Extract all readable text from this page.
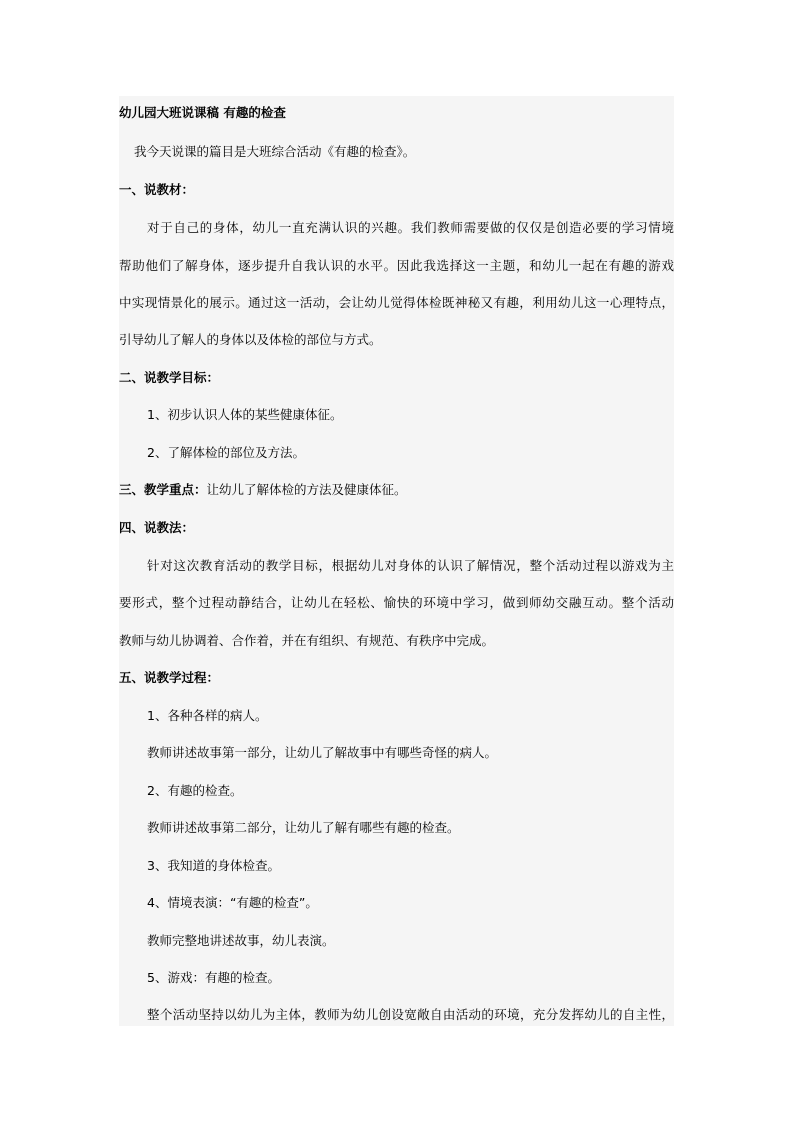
幼儿园大班说课稿 有趣的检查
我今天说课的篇目是大班综合活动《有趣的检查》。
一、说教材：
对于自己的身体，幼儿一直充满认识的兴趣。我们教师需要做的仅仅是创造必要的学习情境
帮助他们了解身体，逐步提升自我认识的水平。因此我选择这一主题，和幼儿一起在有趣的游戏
中实现情景化的展示。通过这一活动，会让幼儿觉得体检既神秘又有趣，利用幼儿这一心理特点，
引导幼儿了解人的身体以及体检的部位与方式。
二、说教学目标：
1、初步认识人体的某些健康体征。
2、了解体检的部位及方法。
三、教学重点：让幼儿了解体检的方法及健康体征。
四、说教法：
针对这次教育活动的教学目标，根据幼儿对身体的认识了解情况，整个活动过程以游戏为主
要形式，整个过程动静结合，让幼儿在轻松、愉快的环境中学习，做到师幼交融互动。整个活动
教师与幼儿协调着、合作着，并在有组织、有规范、有秩序中完成。
五、说教学过程：
1、各种各样的病人。
教师讲述故事第一部分，让幼儿了解故事中有哪些奇怪的病人。
2、有趣的检查。
教师讲述故事第二部分，让幼儿了解有哪些有趣的检查。
3、我知道的身体检查。
4、情境表演：“有趣的检查”。
教师完整地讲述故事，幼儿表演。
5、游戏：有趣的检查。
整个活动坚持以幼儿为主体，教师为幼儿创设宽敞自由活动的环境，充分发挥幼儿的自主性，
